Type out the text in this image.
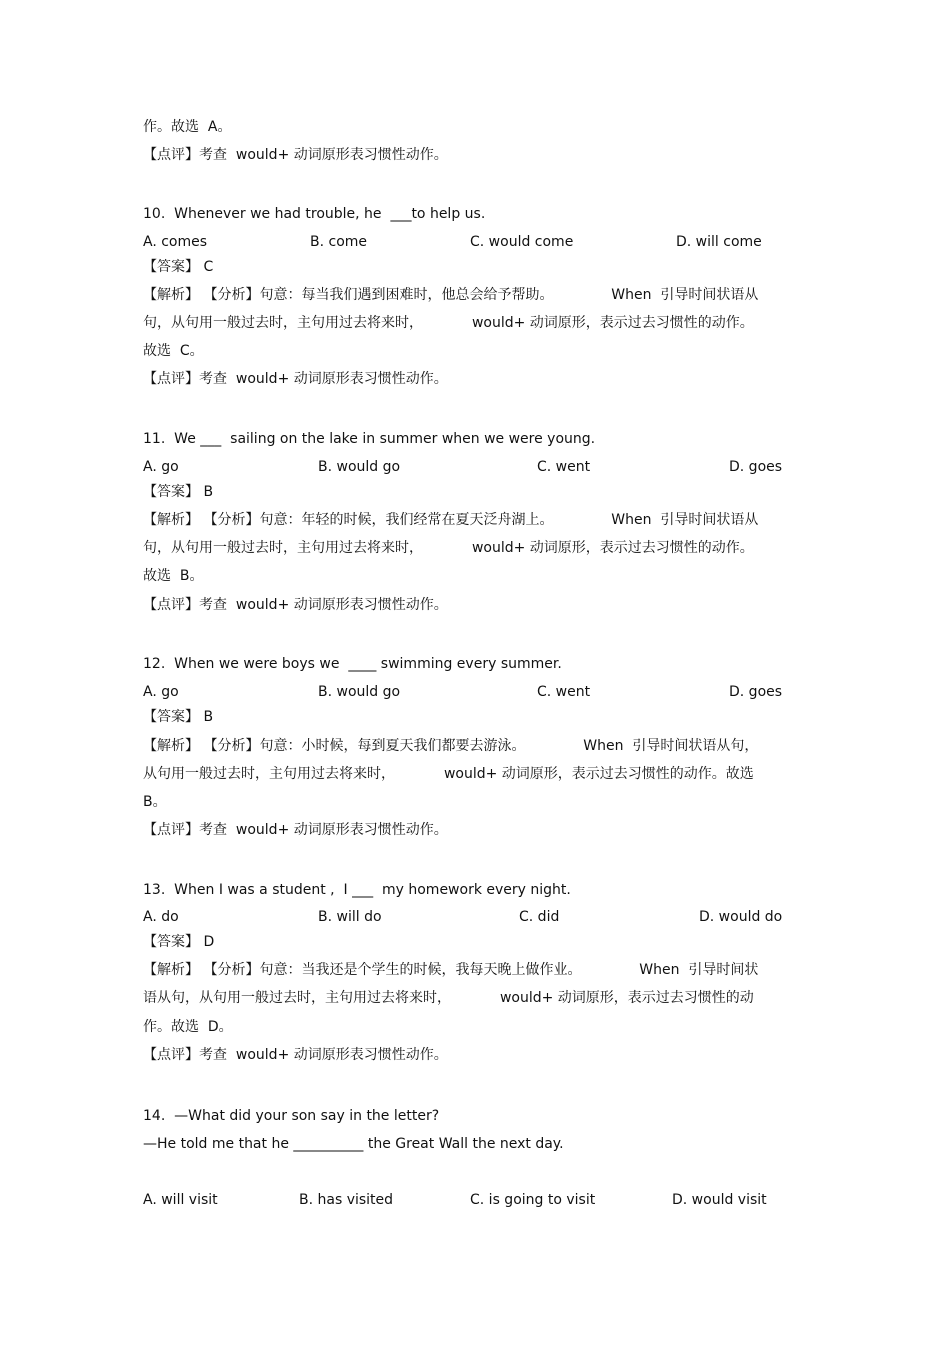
作。故选  A。
【点评】考查  would+ 动词原形表习惯性动作。
10.  Whenever we had trouble, he  ___to help us.
A. comes	B. come	C. would come	D. will come
【答案】 C
【解析】 【分析】句意：每当我们遇到困难时，他总会给予帮助。             When  引导时间状语从
句，从句用一般过去时，主句用过去将来时，           would+ 动词原形，表示过去习惯性的动作。
故选  C。
【点评】考查  would+ 动词原形表习惯性动作。
11.  We ___  sailing on the lake in summer when we were young.
A. go	B. would go	C. went	D. goes
【答案】 B
【解析】 【分析】句意：年轻的时候，我们经常在夏天泛舟湖上。             When  引导时间状语从
句，从句用一般过去时，主句用过去将来时，           would+ 动词原形，表示过去习惯性的动作。
故选  B。
【点评】考查  would+ 动词原形表习惯性动作。
12.  When we were boys we  ____ swimming every summer.
A. go	B. would go	C. went	D. goes
【答案】 B
【解析】 【分析】句意：小时候，每到夏天我们都要去游泳。             When  引导时间状语从句，
从句用一般过去时，主句用过去将来时，           would+ 动词原形，表示过去习惯性的动作。故选
B。
【点评】考查  would+ 动词原形表习惯性动作。
13.  When I was a student ,  I ___  my homework every night.
A. do	B. will do	C. did	D. would do
【答案】 D
【解析】 【分析】句意：当我还是个学生的时候，我每天晚上做作业。             When  引导时间状
语从句，从句用一般过去时，主句用过去将来时，           would+ 动词原形，表示过去习惯性的动
作。故选  D。
【点评】考查  would+ 动词原形表习惯性动作。
14.  —What did your son say in the letter?
—He told me that he __________ the Great Wall the next day.
A. will visit	B. has visited	C. is going to visit	D. would visit
